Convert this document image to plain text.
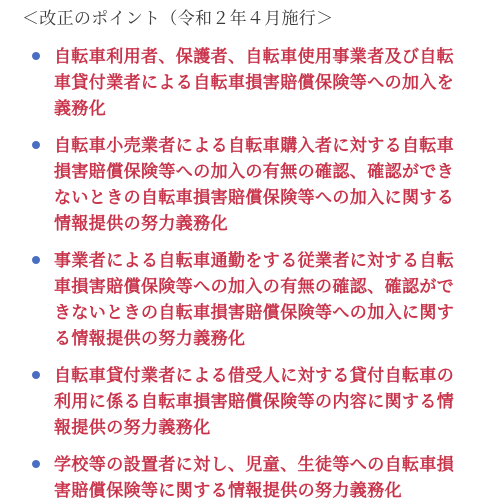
＜改正のポイント（令和２年４月施行＞
自転車利用者、保護者、自転車使用事業者及び自転車貸付業者による自転車損害賠償保険等への加入を義務化
自転車小売業者による自転車購入者に対する自転車損害賠償保険等への加入の有無の確認、確認ができないときの自転車損害賠償保険等への加入に関する情報提供の努力義務化
事業者による自転車通勤をする従業者に対する自転車損害賠償保険等への加入の有無の確認、確認ができないときの自転車損害賠償保険等への加入に関する情報提供の努力義務化
自転車貸付業者による借受人に対する貸付自転車の利用に係る自転車損害賠償保険等の内容に関する情報提供の努力義務化
学校等の設置者に対し、児童、生徒等への自転車損害賠償保険等に関する情報提供の努力義務化
